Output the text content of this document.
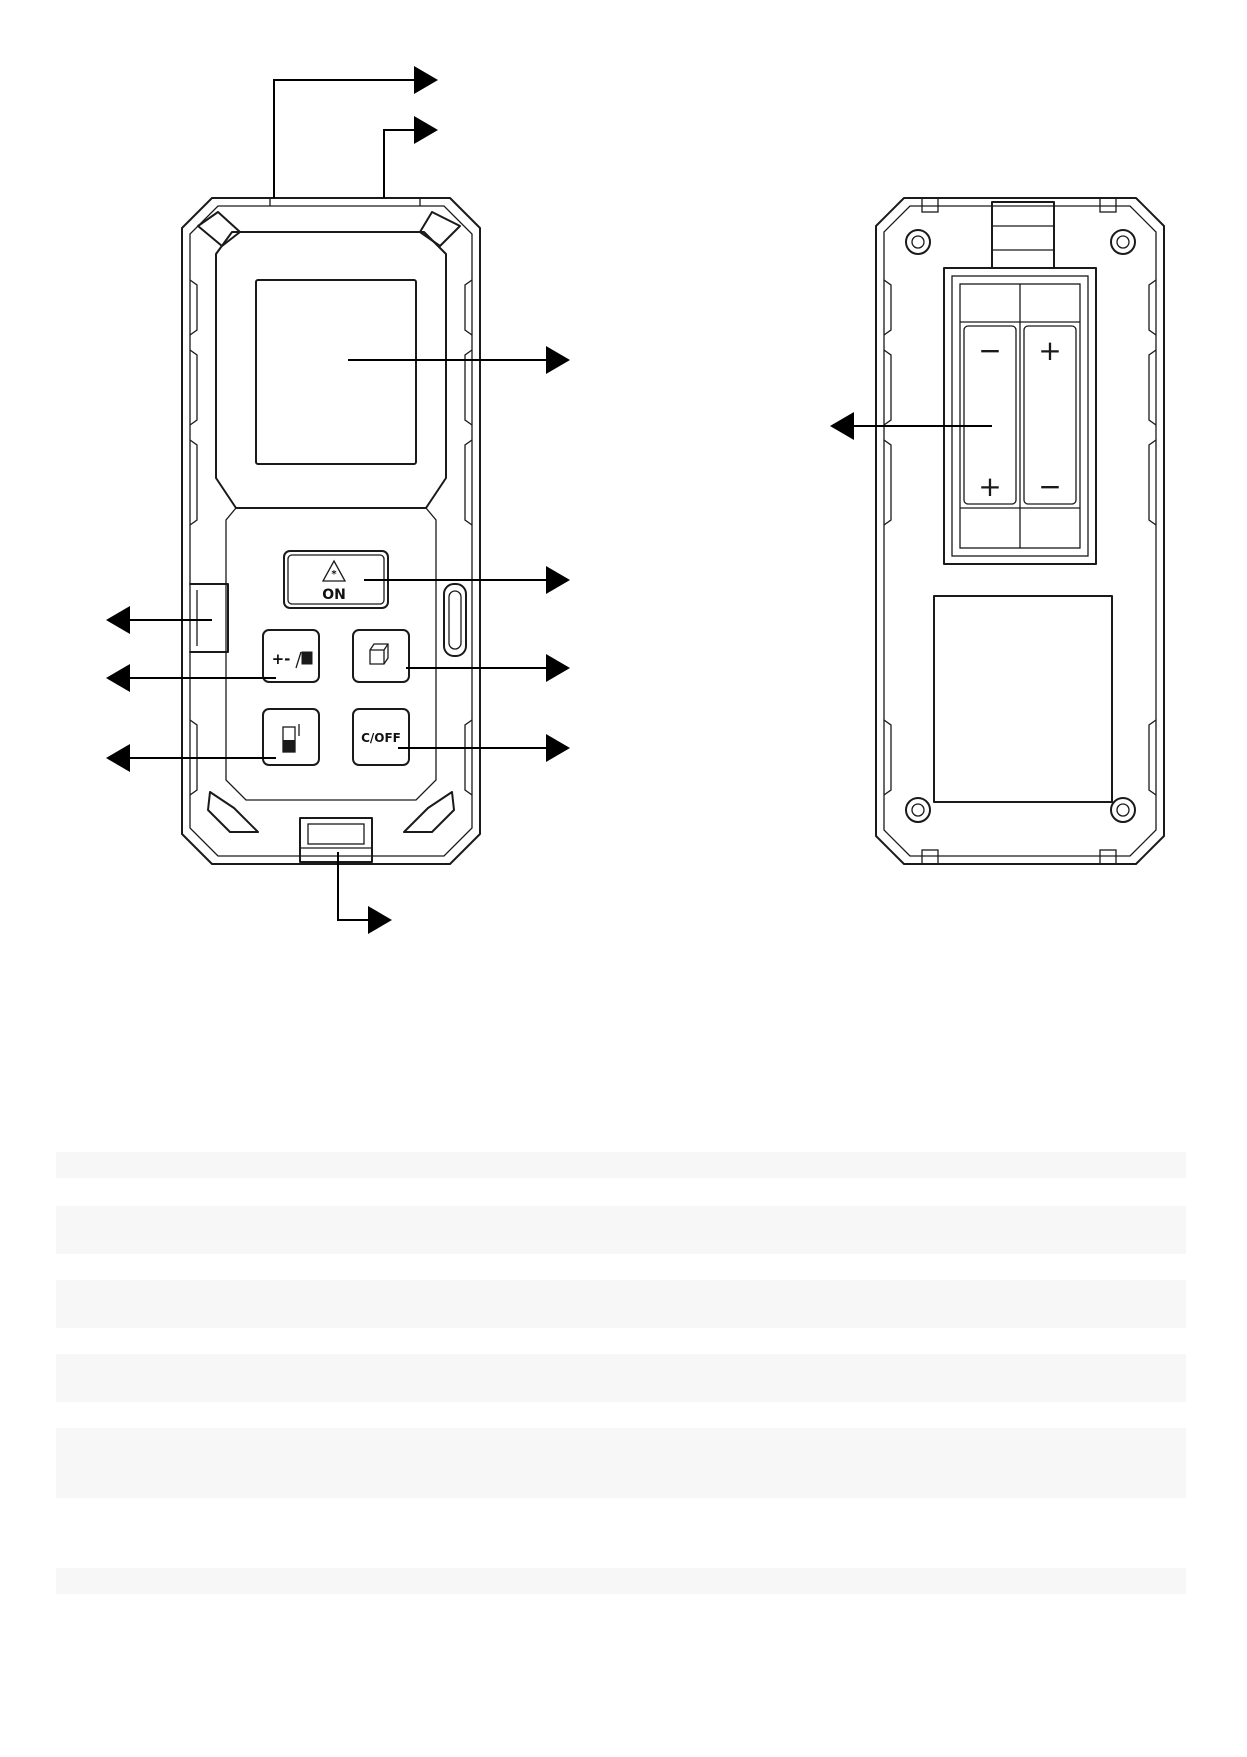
*
ON
+-
C/OFF
− +
+ −
